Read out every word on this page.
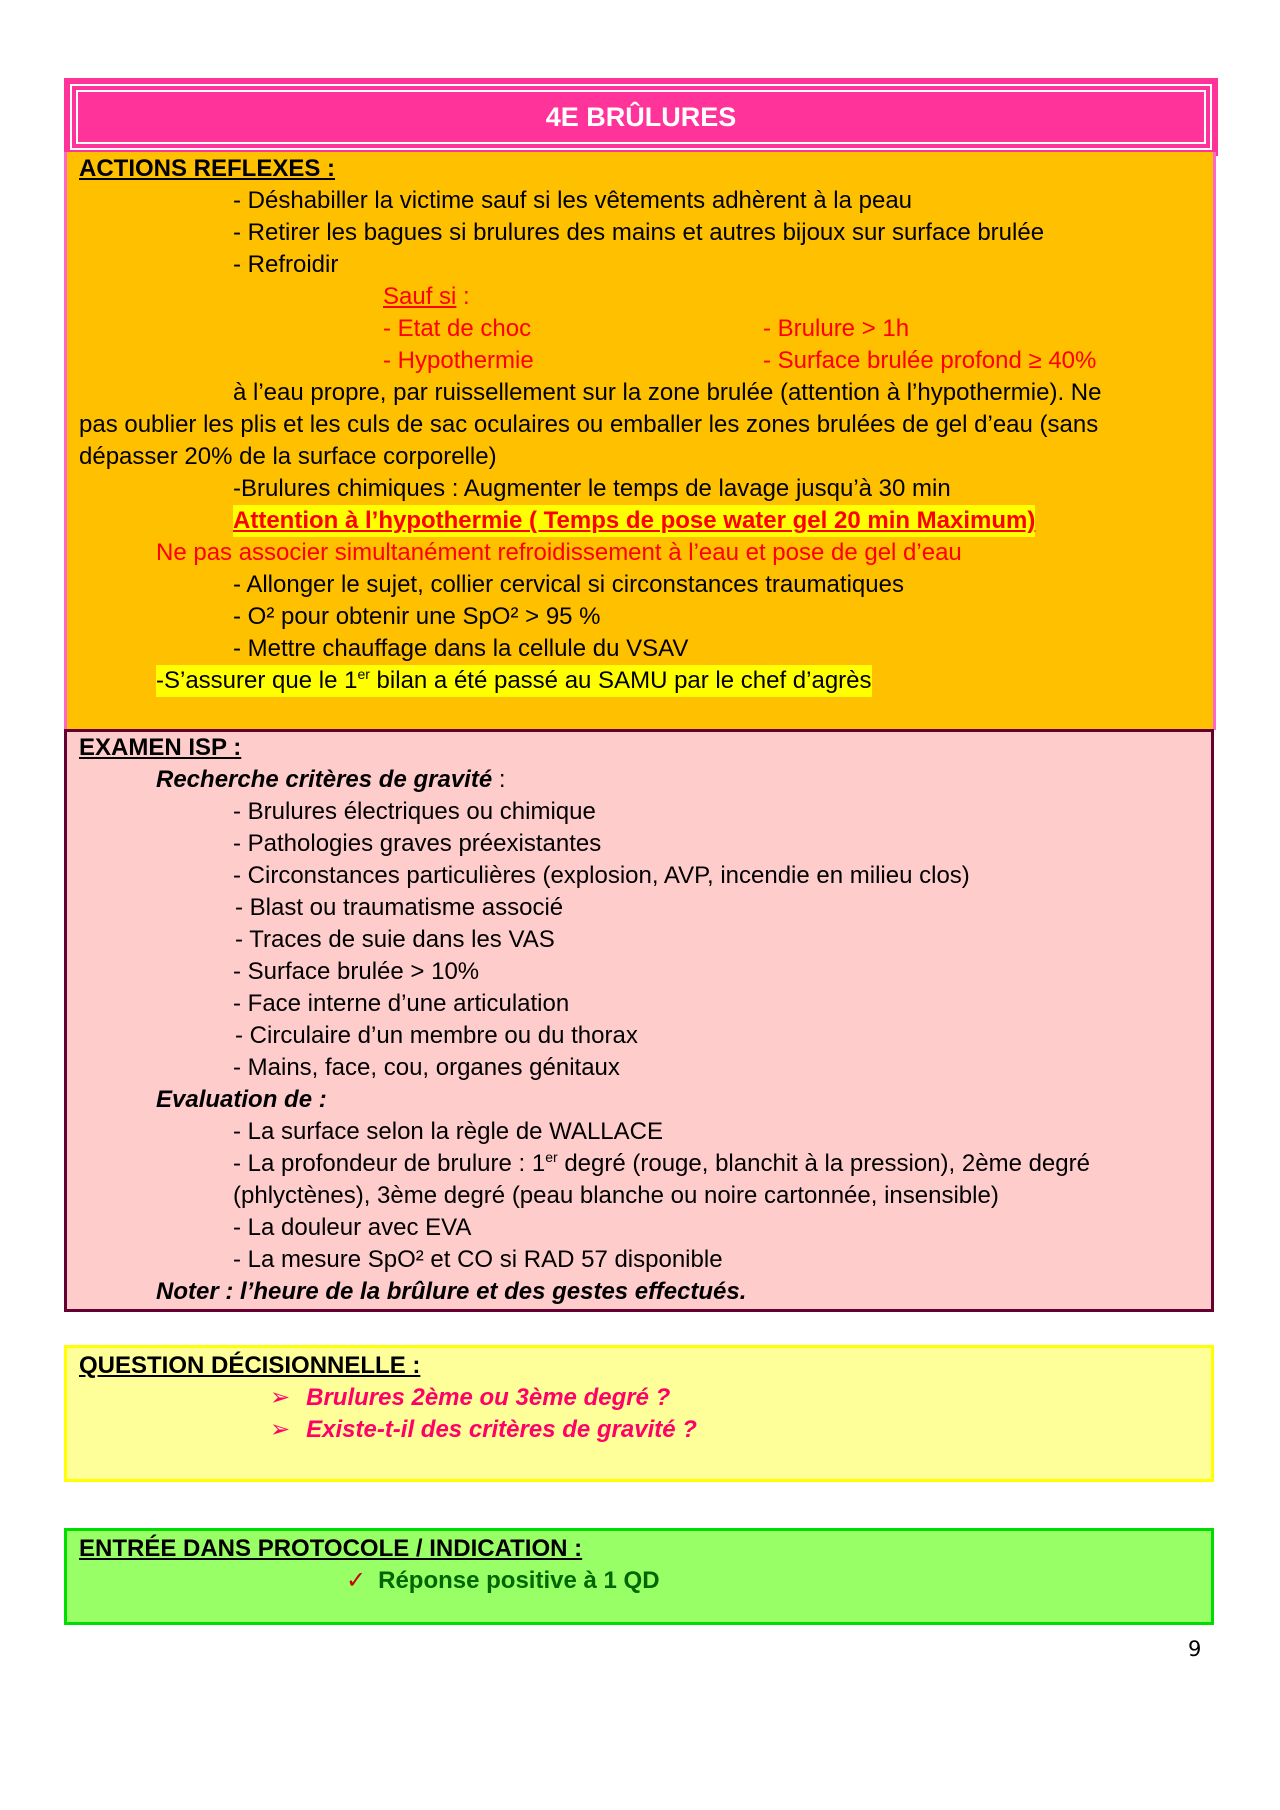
4E BRÛLURES
ACTIONS REFLEXES :
- Déshabiller la victime sauf si les vêtements adhèrent à la peau
- Retirer les bagues si brulures des mains et autres bijoux sur surface brulée
- Refroidir
Sauf si :
- Etat de choc	- Brulure > 1h
- Hypothermie	- Surface brulée profond ≥ 40%
à l’eau propre, par ruissellement sur la zone brulée (attention à l’hypothermie). Ne
pas oublier les plis et les culs de sac oculaires ou emballer les zones brulées de gel d’eau (sans
dépasser 20% de la surface corporelle)
-Brulures chimiques : Augmenter le temps de lavage jusqu’à 30 min
Attention à l’hypothermie ( Temps de pose water gel 20 min Maximum)
Ne pas associer simultanément refroidissement à l’eau et pose de gel d’eau
- Allonger le sujet, collier cervical si circonstances traumatiques
- O² pour obtenir une SpO² > 95 %
- Mettre chauffage dans la cellule du VSAV
-S’assurer que le 1er bilan a été passé au SAMU par le chef d’agrès
EXAMEN ISP :
Recherche critères de gravité :
- Brulures électriques ou chimique
- Pathologies graves préexistantes
- Circonstances particulières (explosion, AVP, incendie en milieu clos)
- Blast ou traumatisme associé
- Traces de suie dans les VAS
- Surface brulée > 10%
- Face interne d’une articulation
- Circulaire d’un membre ou du thorax
- Mains, face, cou, organes génitaux
Evaluation de :
- La surface selon la règle de WALLACE
- La profondeur de brulure : 1er degré (rouge, blanchit à la pression), 2ème degré
(phlyctènes), 3ème degré (peau blanche ou noire cartonnée, insensible)
- La douleur avec EVA
- La mesure SpO² et CO si RAD 57 disponible
Noter : l’heure de la brûlure et des gestes effectués.
QUESTION DÉCISIONNELLE :
➢ Brulures 2ème ou 3ème degré ?
➢ Existe-t-il des critères de gravité ?
ENTRÉE DANS PROTOCOLE / INDICATION :
✓ Réponse positive à 1 QD
9
